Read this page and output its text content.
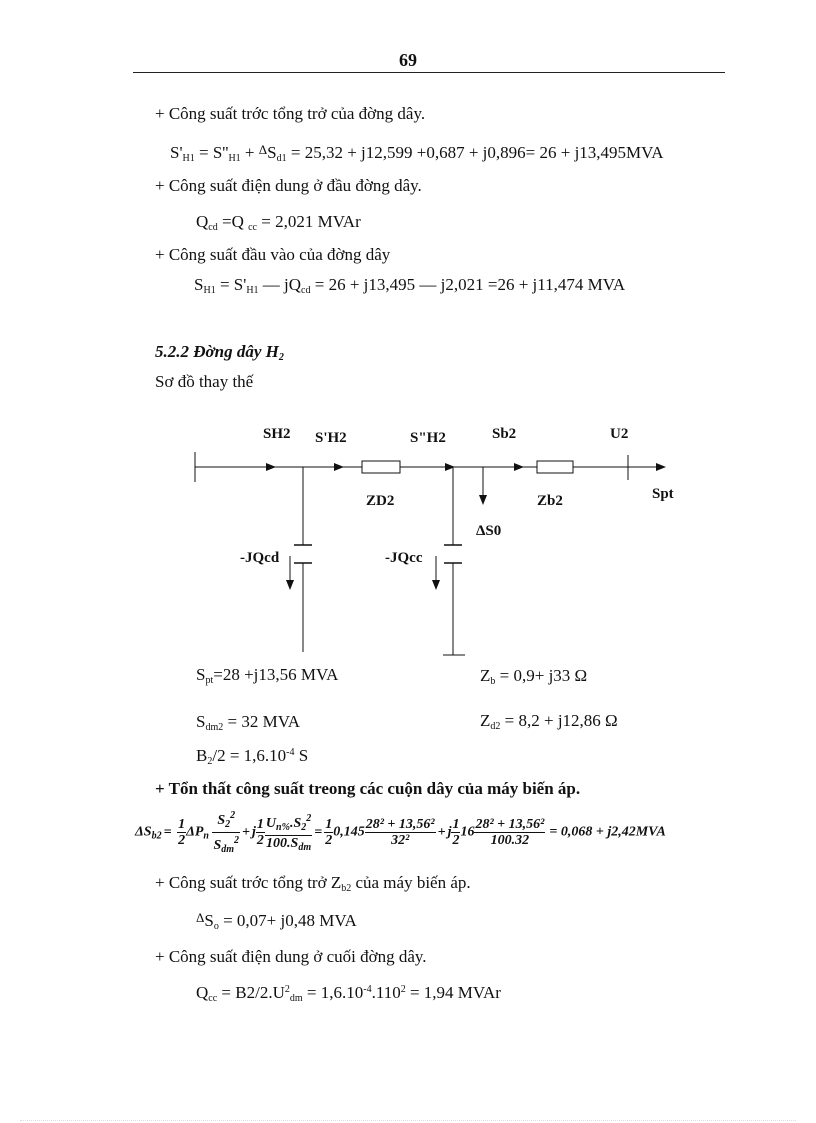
69
+ Công suất trớc tổng trở của đờng dây.
$S'_{H1} = S''_{H1} + ^\Delta S_{d1} = 25,32 + j12,599 +0,687 + j0,896= 26 + j13,495MVA$
+ Công suất điện dung ở đầu đờng dây.
$Q_{cd} =Q$ $_{cc}$ = 2,021 MVAr
+ Công suất đầu vào của đờng dây
$S_{H1} = S'_{H1}$ — $jQ_{cd} = 26 + j13,495$ — j2,021 =26 + j11,474 MVA
5.2.2 Đờng dây $H_2$
Sơ đồ thay thế
SH2 S'H2	S"H2	Sb2	U2
ZD2	Zb2	Spt
ΔS0
-JQcd	-JQcc
$S_{pt}=28 +j13,56$ MVA
$S_{dm2} = 32$ MVA
$B_2/2 = 1,6.10^{-4}$ S
$Z_b = 0,9+ j33$ Ω
$Z_{d2} = 8,2 + j12,86$ Ω
+ Tổn thất công suất treong các cuộn dây của máy biến áp.
$\Delta S_{b2} = \frac{1}{2} \Delta P_n \frac{S_2^2}{S_{dm}^2} + j \frac{1}{2} \frac{U_{n\%}.S_2^2}{100.S_{dm}} = \frac{1}{2} 0,145 \frac{\text{28² + 13,56²}}{\text{32²}} + j \frac{1}{2} 16 \frac{\text{28² + 13,56²}}{100.32} = 0,068 + j2,42MVA$
+ Công suất trớc tổng trở $Z_{b2}$ của máy biến áp.
$^\Delta S_o = 0,07+ j0,48$ MVA
+ Công suất điện dung ở cuối đờng dây.
$Q_{cc} = B2/2.U^2_{dm} = 1,6.10^{-4}.110^2 = 1,94$ MVAr
